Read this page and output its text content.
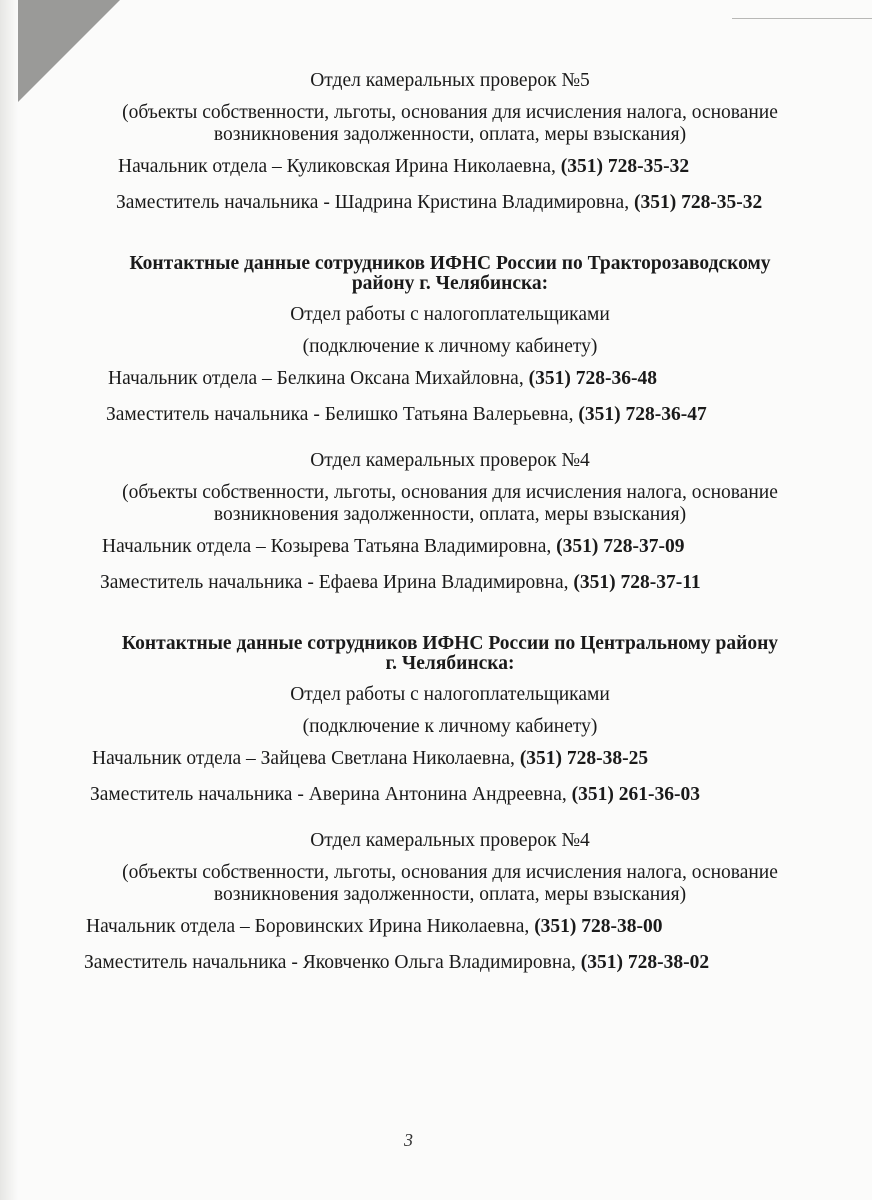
Отдел камеральных проверок №5
(объекты собственности, льготы, основания для исчисления налога, основание
возникновения задолженности, оплата, меры взыскания)
Начальник отдела – Куликовская Ирина Николаевна, (351) 728-35-32
Заместитель начальника - Шадрина Кристина Владимировна, (351) 728-35-32
Контактные данные сотрудников ИФНС России по Тракторозаводскому
району г. Челябинска:
Отдел работы с налогоплательщиками
(подключение к личному кабинету)
Начальник отдела – Белкина Оксана Михайловна, (351) 728-36-48
Заместитель начальника - Белишко Татьяна Валерьевна, (351) 728-36-47
Отдел камеральных проверок №4
(объекты собственности, льготы, основания для исчисления налога, основание
возникновения задолженности, оплата, меры взыскания)
Начальник отдела – Козырева Татьяна Владимировна, (351) 728-37-09
Заместитель начальника - Ефаева Ирина Владимировна, (351) 728-37-11
Контактные данные сотрудников ИФНС России по Центральному району
г. Челябинска:
Отдел работы с налогоплательщиками
(подключение к личному кабинету)
Начальник отдела – Зайцева Светлана Николаевна, (351) 728-38-25
Заместитель начальника - Аверина Антонина Андреевна, (351) 261-36-03
Отдел камеральных проверок №4
(объекты собственности, льготы, основания для исчисления налога, основание
возникновения задолженности, оплата, меры взыскания)
Начальник отдела – Боровинских Ирина Николаевна, (351) 728-38-00
Заместитель начальника - Яковченко Ольга Владимировна, (351) 728-38-02
3
